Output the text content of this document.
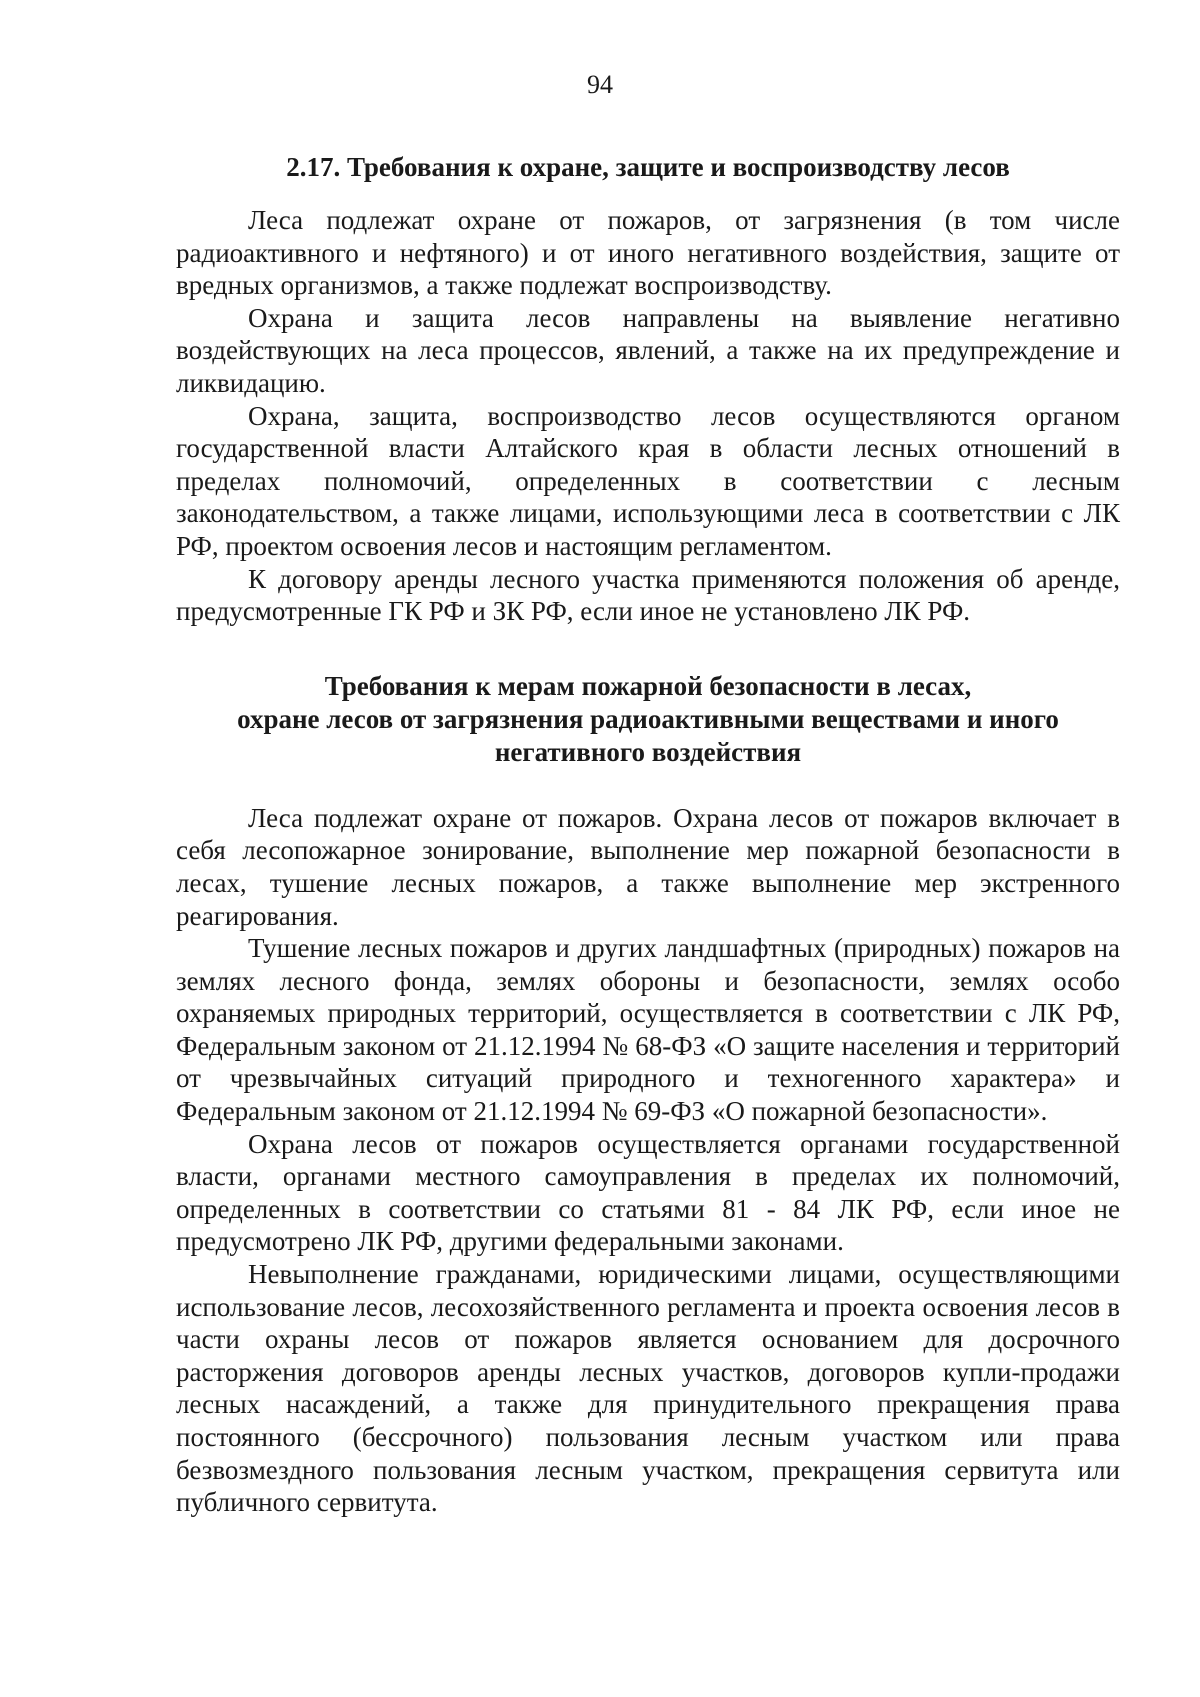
94
2.17. Требования к охране, защите и воспроизводству лесов

Леса подлежат охране от пожаров, от загрязнения (в том числе радиоактивного и нефтяного) и от иного негативного воздействия, защите от вредных организмов, а также подлежат воспроизводству.

Охрана и защита лесов направлены на выявление негативно воздействующих на леса процессов, явлений, а также на их предупреждение и ликвидацию.

Охрана, защита, воспроизводство лесов осуществляются органом государственной власти Алтайского края в области лесных отношений в пределах полномочий, определенных в соответствии с лесным законодательством, а также лицами, использующими леса в соответствии с ЛК РФ, проектом освоения лесов и настоящим регламентом.

К договору аренды лесного участка применяются положения об аренде, предусмотренные ГК РФ и ЗК РФ, если иное не установлено ЛК РФ.

Требования к мерам пожарной безопасности в лесах,
охране лесов от загрязнения радиоактивными веществами и иного
негативного воздействия

Леса подлежат охране от пожаров. Охрана лесов от пожаров включает в себя лесопожарное зонирование, выполнение мер пожарной безопасности в лесах, тушение лесных пожаров, а также выполнение мер экстренного реагирования.

Тушение лесных пожаров и других ландшафтных (природных) пожаров на землях лесного фонда, землях обороны и безопасности, землях особо охраняемых природных территорий, осуществляется в соответствии с ЛК РФ, Федеральным законом от 21.12.1994 № 68-ФЗ «О защите населения и территорий от чрезвычайных ситуаций природного и техногенного характера» и Федеральным законом от 21.12.1994 № 69-ФЗ «О пожарной безопасности».

Охрана лесов от пожаров осуществляется органами государственной власти, органами местного самоуправления в пределах их полномочий, определенных в соответствии со статьями 81 - 84 ЛК РФ, если иное не предусмотрено ЛК РФ, другими федеральными законами.

Невыполнение гражданами, юридическими лицами, осуществляющими использование лесов, лесохозяйственного регламента и проекта освоения лесов в части охраны лесов от пожаров является основанием для досрочного расторжения договоров аренды лесных участков, договоров купли-продажи лесных насаждений, а также для принудительного прекращения права постоянного (бессрочного) пользования лесным участком или права безвозмездного пользования лесным участком, прекращения сервитута или публичного сервитута.
